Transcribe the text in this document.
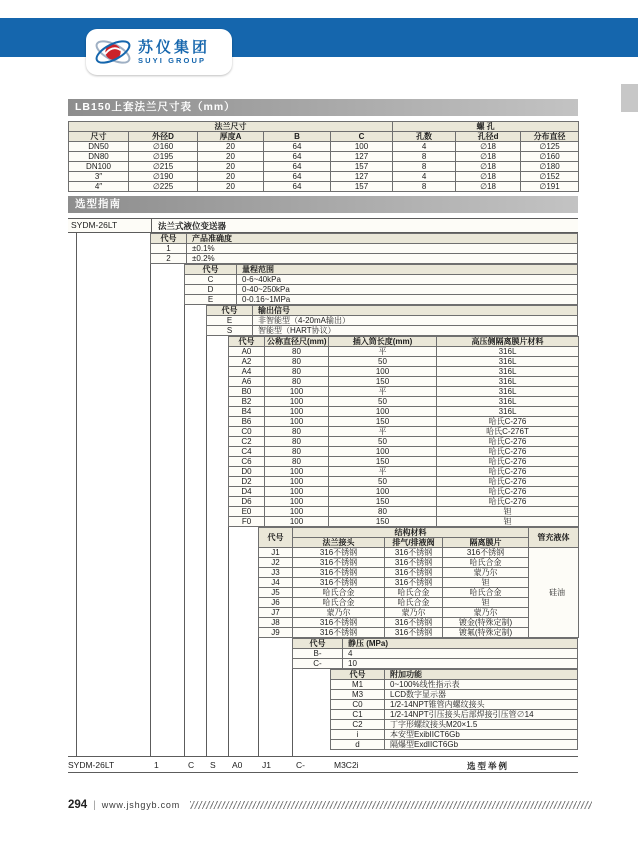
苏仪集团
SUYI GROUP
LB150上套法兰尺寸表（mm）
法兰尺寸					螺 孔		
尺寸	外径D	厚度A	B	C	孔数	孔径d	分布直径
DN50	∅160	20	64	100	4	∅18	∅125
DN80	∅195	20	64	127	8	∅18	∅160
DN100	∅215	20	64	157	8	∅18	∅180
3″	∅190	20	64	127	4	∅18	∅152
4″	∅225	20	64	157	8	∅18	∅191
选型指南
SYDM-26LT	法兰式液位变送器
代号	产品准确度
1	±0.1%
2	±0.2%
代号	量程范围
C	0-6~40kPa
D	0-40~250kPa
E	0-0.16~1MPa
代号	输出信号
E	非智能型（4-20mA输出）
S	智能型（HART协议）
代号	公称直径尺(mm)	插入筒长度(mm)	高压侧隔离膜片材料
A0	80	平	316L
A2	80	50	316L
A4	80	100	316L
A6	80	150	316L
B0	100	平	316L
B2	100	50	316L
B4	100	100	316L
B6	100	150	哈氏C-276
C0	80	平	哈氏C-276T
C2	80	50	哈氏C-276
C4	80	100	哈氏C-276
C6	80	150	哈氏C-276
D0	100	平	哈氏C-276
D2	100	50	哈氏C-276
D4	100	100	哈氏C-276
D6	100	150	哈氏C-276
E0	100	80	钽
F0	100	150	钽
代号	结构材料			管充液体
	法兰接头	排气/排液阀	隔离膜片	
J1	316不锈钢	316不锈钢	316不锈钢	硅油
J2	316不锈钢	316不锈钢	哈氏合金	
J3	316不锈钢	316不锈钢	蒙乃尔	
J4	316不锈钢	316不锈钢	钽	
J5	哈氏合金	哈氏合金	哈氏合金	
J6	哈氏合金	哈氏合金	钽	
J7	蒙乃尔	蒙乃尔	蒙乃尔	
J8	316不锈钢	316不锈钢	镀金(特殊定制)	
J9	316不锈钢	316不锈钢	镀氟(特殊定制)	
代号	静压 (MPa)
B-	4
C-	10
代号	附加功能
M1	0~100%线性指示表
M3	LCD数字显示器
C0	1/2-14NPT锥管内螺纹接头
C1	1/2-14NPT引压接头后部焊接引压管∅14
C2	丁字形螺纹接头M20×1.5
i	本安型ExibIICT6Gb
d	隔爆型ExdIICT6Gb
SYDM-26LT	1	C S A0 J1	C-	M3C2i	选型举例
294 | www.jshgyb.com
